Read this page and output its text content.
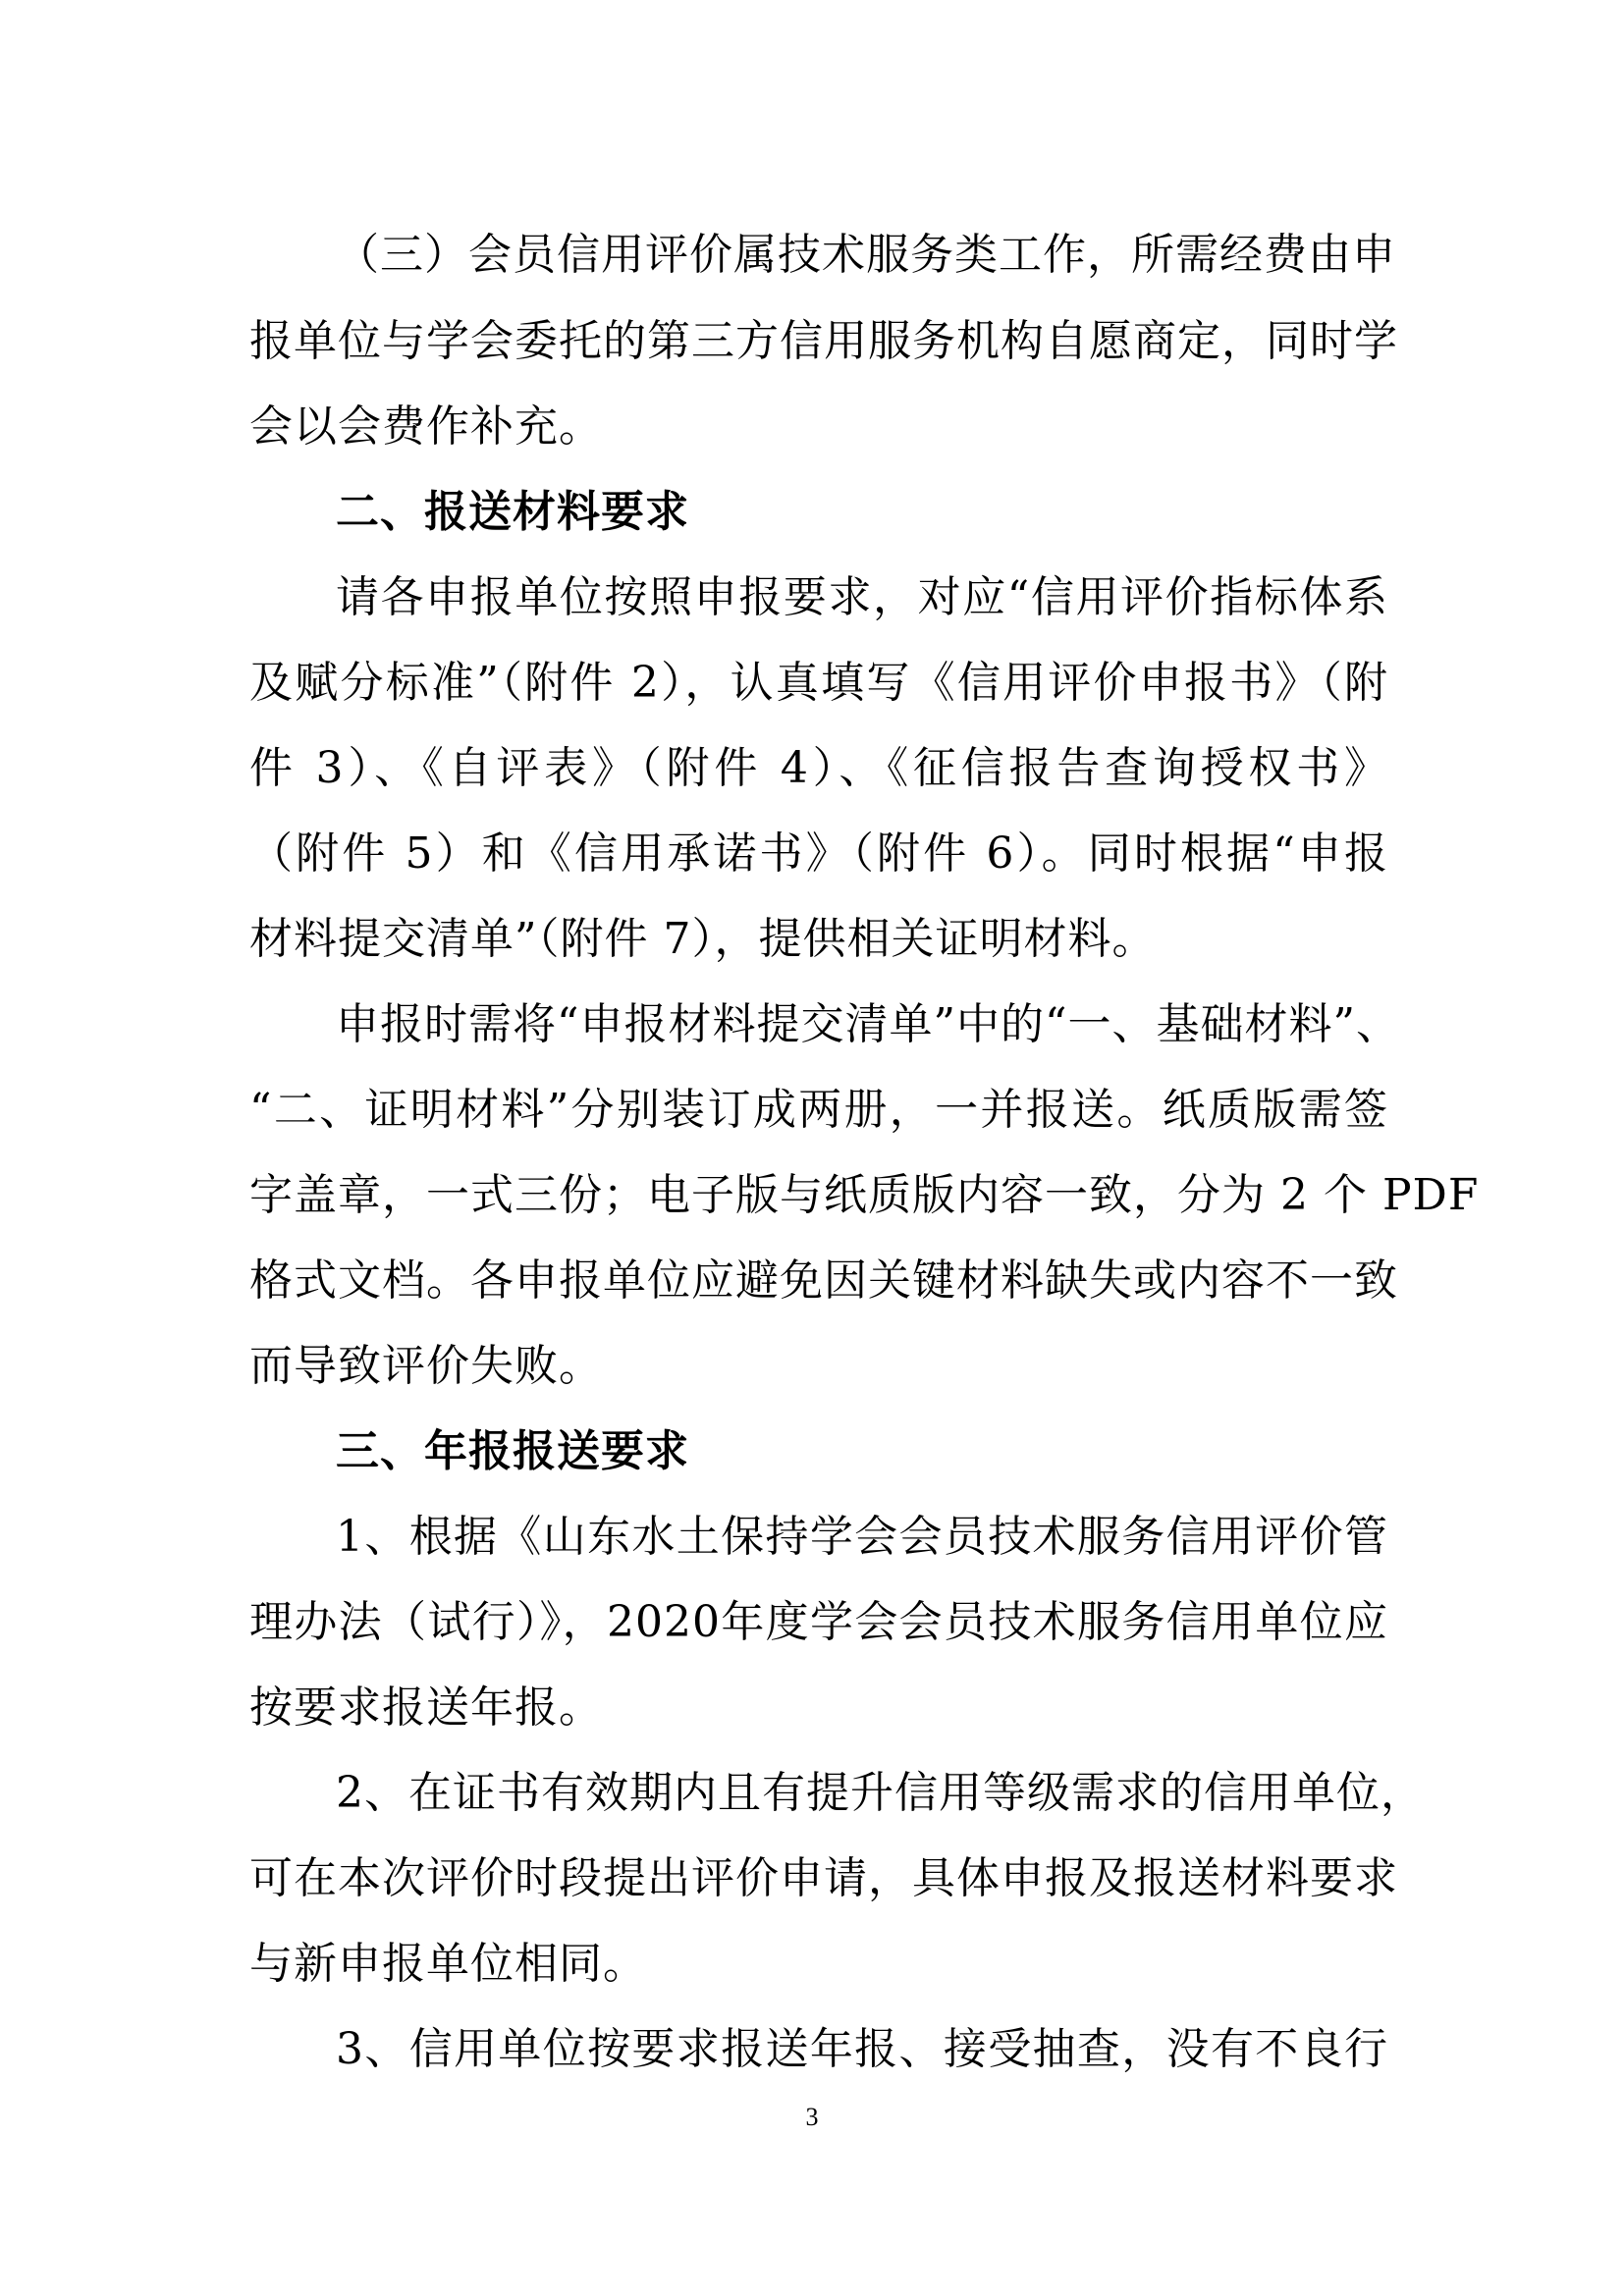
（三）会员信用评价属技术服务类工作，所需经费由申
报单位与学会委托的第三方信用服务机构自愿商定，同时学
会以会费作补充。
二、报送材料要求
请各申报单位按照申报要求，对应“信用评价指标体系
及赋分标准”（附件 2），认真填写《信用评价申报书》（附
件 3）、《自评表》（附件 4）、《征信报告查询授权书》
（附件 5）和《信用承诺书》（附件 6）。同时根据“申报
材料提交清单”（附件 7），提供相关证明材料。
申报时需将“申报材料提交清单”中的“一、基础材料”、
“二、证明材料”分别装订成两册，一并报送。纸质版需签
字盖章，一式三份；电子版与纸质版内容一致，分为 2 个 PDF
格式文档。各申报单位应避免因关键材料缺失或内容不一致
而导致评价失败。
三、年报报送要求
1、根据《山东水土保持学会会员技术服务信用评价管
理办法（试行）》，2020年度学会会员技术服务信用单位应
按要求报送年报。
2、在证书有效期内且有提升信用等级需求的信用单位，
可在本次评价时段提出评价申请，具体申报及报送材料要求
与新申报单位相同。
3、信用单位按要求报送年报、接受抽查，没有不良行
3
